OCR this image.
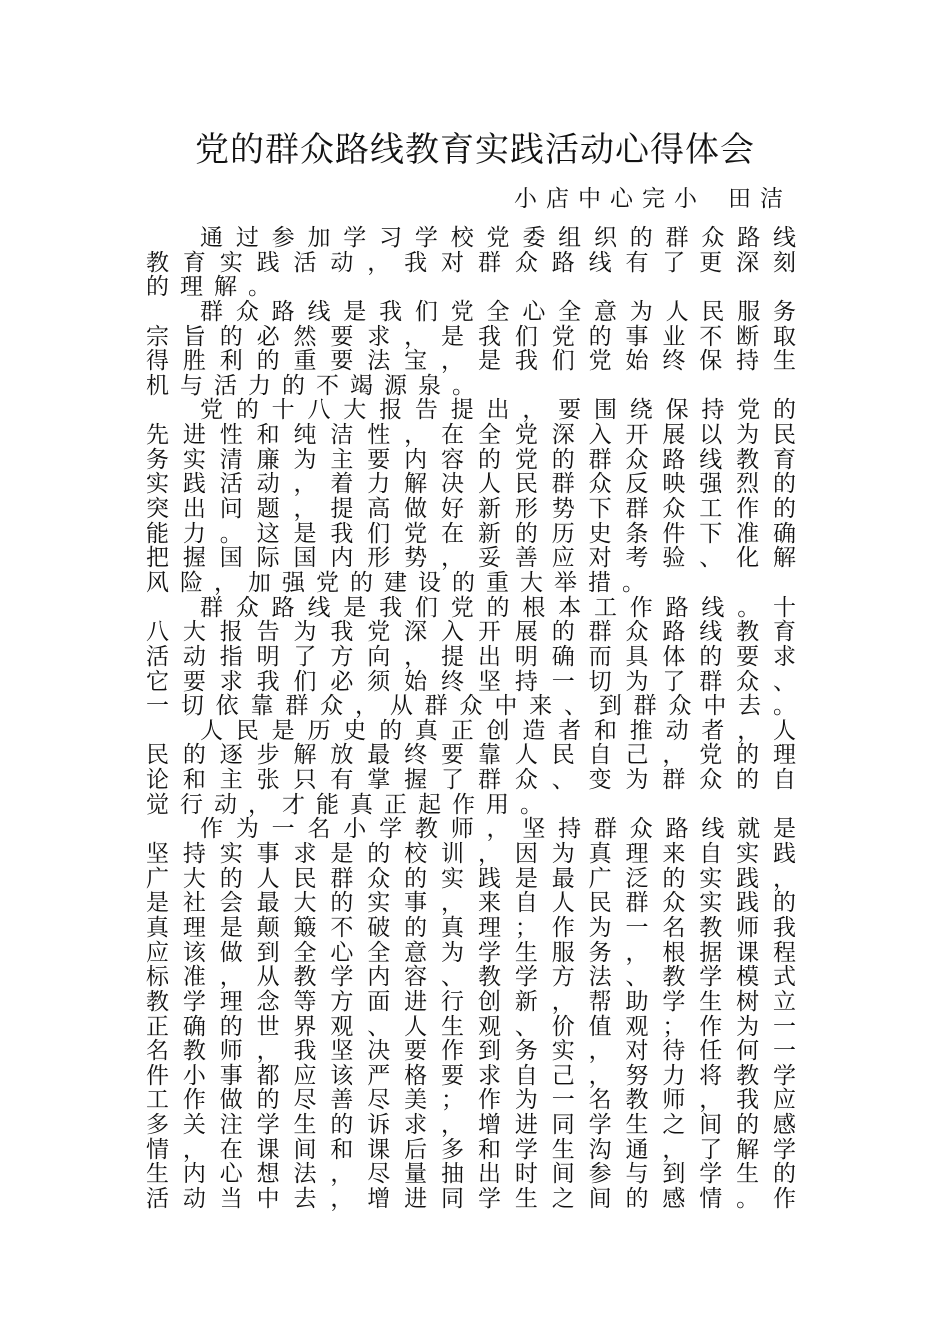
党的群众路线教育实践活动心得体会
小店中心完小 田洁
通过参加学习学校党委组织的群众路线
教育实践活动，我对群众路线有了更深刻
的理解。
群众路线是我们党全心全意为人民服务
宗旨的必然要求，是我们党的事业不断取
得胜利的重要法宝，是我们党始终保持生
机与活力的不竭源泉。
党的十八大报告提出，要围绕保持党的
先进性和纯洁性，在全党深入开展以为民
务实清廉为主要内容的党的群众路线教育
实践活动，着力解决人民群众反映强烈的
突出问题，提高做好新形势下群众工作的
能力。这是我们党在新的历史条件下准确
把握国际国内形势，妥善应对考验、化解
风险，加强党的建设的重大举措。
群众路线是我们党的根本工作路线。十
八大报告为我党深入开展的群众路线教育
活动指明了方向，提出明确而具体的要求
它要求我们必须始终坚持一切为了群众、
一切依靠群众，从群众中来、到群众中去。
人民是历史的真正创造者和推动者，人
民的逐步解放最终要靠人民自己，党的理
论和主张只有掌握了群众、变为群众的自
觉行动，才能真正起作用。
作为一名小学教师，坚持群众路线就是
坚持实事求是的校训，因为真理来自实践
广大的人民群众的实践是最广泛的实践，
是社会最大的实事，来自人民群众实践的
真理是颠簸不破的真理；作为一名教师我
应该做到全心全意为学生服务，根据课程
标准，从教学内容、教学方法、教学模式
教学理念等方面进行创新，帮助学生树立
正确的世界观、人生观、价值观；作为一
名教师，我坚决要作到务实，对待任何一
件小事都应该严格要求自己，努力将教学
工作做的尽善尽美；作为一名教师，我应
多关注学生的诉求，增进同学生之间的感
情，在课间和课后多和学生沟通，了解学
生内心想法，尽量抽出时间参与到学生的
活动当中去，增进同学生之间的感情。作
